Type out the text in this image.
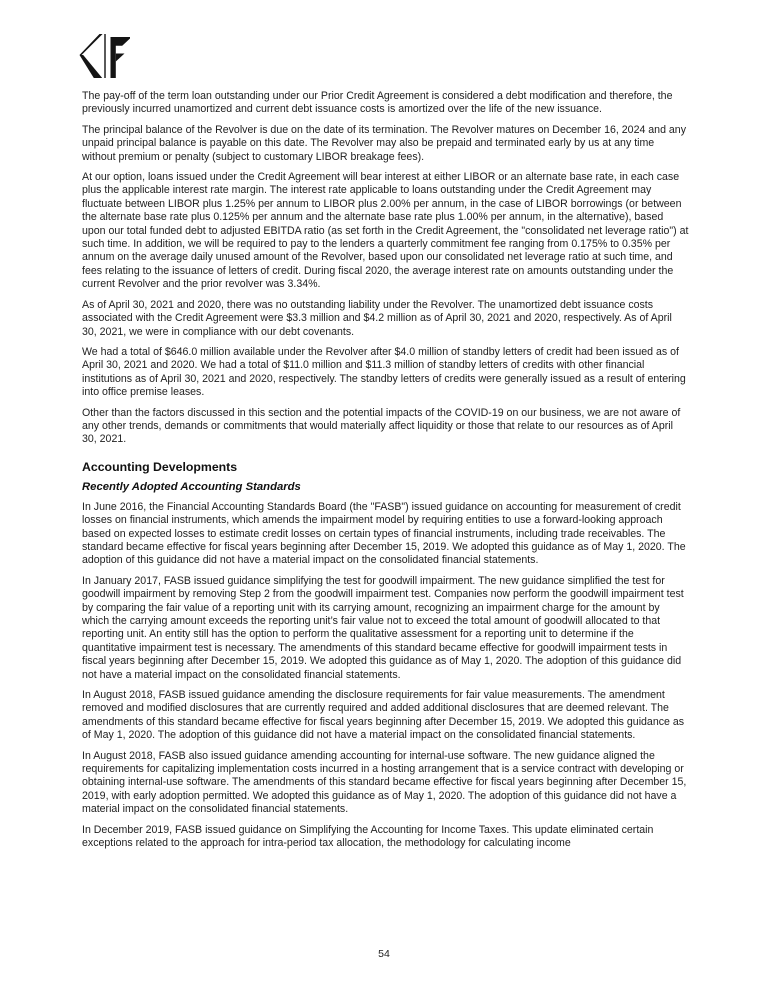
The pay-off of the term loan outstanding under our Prior Credit Agreement is considered a debt modification and therefore, the previously incurred unamortized and current debt issuance costs is amortized over the life of the new issuance.

The principal balance of the Revolver is due on the date of its termination. The Revolver matures on December 16, 2024 and any unpaid principal balance is payable on this date. The Revolver may also be prepaid and terminated early by us at any time without premium or penalty (subject to customary LIBOR breakage fees).

At our option, loans issued under the Credit Agreement will bear interest at either LIBOR or an alternate base rate, in each case plus the applicable interest rate margin. The interest rate applicable to loans outstanding under the Credit Agreement may fluctuate between LIBOR plus 1.25% per annum to LIBOR plus 2.00% per annum, in the case of LIBOR borrowings (or between the alternate base rate plus 0.125% per annum and the alternate base rate plus 1.00% per annum, in the alternative), based upon our total funded debt to adjusted EBITDA ratio (as set forth in the Credit Agreement, the "consolidated net leverage ratio") at such time. In addition, we will be required to pay to the lenders a quarterly commitment fee ranging from 0.175% to 0.35% per annum on the average daily unused amount of the Revolver, based upon our consolidated net leverage ratio at such time, and fees relating to the issuance of letters of credit. During fiscal 2020, the average interest rate on amounts outstanding under the current Revolver and the prior revolver was 3.34%.

As of April 30, 2021 and 2020, there was no outstanding liability under the Revolver. The unamortized debt issuance costs associated with the Credit Agreement were $3.3 million and $4.2 million as of April 30, 2021 and 2020, respectively. As of April 30, 2021, we were in compliance with our debt covenants.

We had a total of $646.0 million available under the Revolver after $4.0 million of standby letters of credit had been issued as of April 30, 2021 and 2020. We had a total of $11.0 million and $11.3 million of standby letters of credits with other financial institutions as of April 30, 2021 and 2020, respectively. The standby letters of credits were generally issued as a result of entering into office premise leases.

Other than the factors discussed in this section and the potential impacts of the COVID-19 on our business, we are not aware of any other trends, demands or commitments that would materially affect liquidity or those that relate to our resources as of April 30, 2021.

Accounting Developments
Recently Adopted Accounting Standards

In June 2016, the Financial Accounting Standards Board (the "FASB") issued guidance on accounting for measurement of credit losses on financial instruments, which amends the impairment model by requiring entities to use a forward-looking approach based on expected losses to estimate credit losses on certain types of financial instruments, including trade receivables. The standard became effective for fiscal years beginning after December 15, 2019. We adopted this guidance as of May 1, 2020. The adoption of this guidance did not have a material impact on the consolidated financial statements.

In January 2017, FASB issued guidance simplifying the test for goodwill impairment. The new guidance simplified the test for goodwill impairment by removing Step 2 from the goodwill impairment test. Companies now perform the goodwill impairment test by comparing the fair value of a reporting unit with its carrying amount, recognizing an impairment charge for the amount by which the carrying amount exceeds the reporting unit’s fair value not to exceed the total amount of goodwill allocated to that reporting unit. An entity still has the option to perform the qualitative assessment for a reporting unit to determine if the quantitative impairment test is necessary. The amendments of this standard became effective for goodwill impairment tests in fiscal years beginning after December 15, 2019. We adopted this guidance as of May 1, 2020. The adoption of this guidance did not have a material impact on the consolidated financial statements.

In August 2018, FASB issued guidance amending the disclosure requirements for fair value measurements. The amendment removed and modified disclosures that are currently required and added additional disclosures that are deemed relevant. The amendments of this standard became effective for fiscal years beginning after December 15, 2019. We adopted this guidance as of May 1, 2020. The adoption of this guidance did not have a material impact on the consolidated financial statements.

In August 2018, FASB also issued guidance amending accounting for internal-use software. The new guidance aligned the requirements for capitalizing implementation costs incurred in a hosting arrangement that is a service contract with developing or obtaining internal-use software. The amendments of this standard became effective for fiscal years beginning after December 15, 2019, with early adoption permitted. We adopted this guidance as of May 1, 2020. The adoption of this guidance did not have a material impact on the consolidated financial statements.

In December 2019, FASB issued guidance on Simplifying the Accounting for Income Taxes. This update eliminated certain exceptions related to the approach for intra-period tax allocation, the methodology for calculating income

54
